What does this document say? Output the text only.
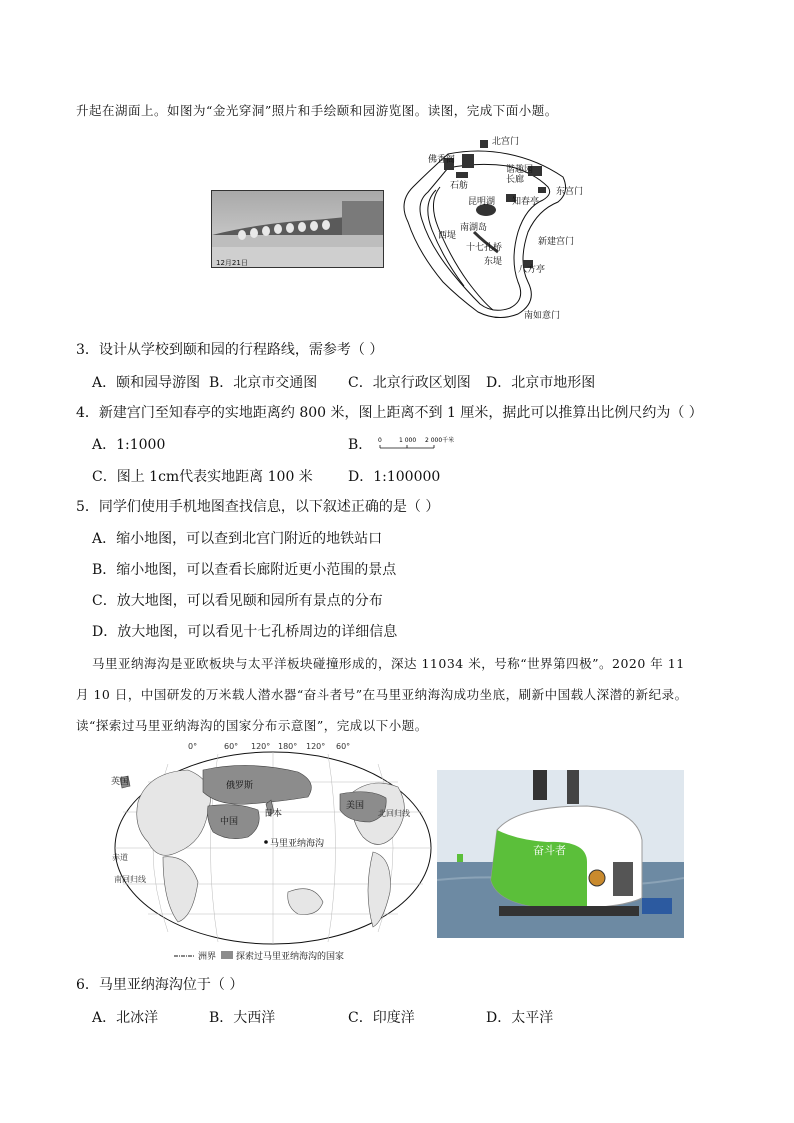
升起在湖面上。如图为“金光穿洞”照片和手绘颐和园游览图。读图，完成下面小题。
12月21日
北宫门
佛香阁
谐趣园
长廊
石舫
东宫门
昆明湖 知春亭
南湖岛
西堤
十七孔桥
东堤
新建宫门
八方亭
南如意门
3．设计从学校到颐和园的行程路线，需参考（ ）
A．颐和园导游图 B．北京市交通图 C．北京行政区划图 D．北京市地形图
4．新建宫门至知春亭的实地距离约 800 米，图上距离不到 1 厘米，据此可以推算出比例尺约为（ ）
A．1:1000	B． 0	1 000 2 000千米
C．图上 1cm代表实地距离 100 米	D．1:100000
5．同学们使用手机地图查找信息，以下叙述正确的是（ ）
A．缩小地图，可以查到北宫门附近的地铁站口
B．缩小地图，可以查看长廊附近更小范围的景点
C．放大地图，可以看见颐和园所有景点的分布
D．放大地图，可以看见十七孔桥周边的详细信息
马里亚纳海沟是亚欧板块与太平洋板块碰撞形成的，深达 11034 米，号称“世界第四极”。2020 年 11
月 10 日，中国研发的万米载人潜水器“奋斗者号”在马里亚纳海沟成功坐底，刷新中国载人深潜的新纪录。
读“探索过马里亚纳海沟的国家分布示意图”，完成以下小题。
0°	60° 120° 180° 120° 60°
英国	俄罗斯
日本
中国
美国
马里亚纳海沟
北回归线
赤道
南回归线
洲界 探索过马里亚纳海沟的国家
奋斗者
6．马里亚纳海沟位于（ ）
A．北冰洋	B．大西洋	C．印度洋	D．太平洋
